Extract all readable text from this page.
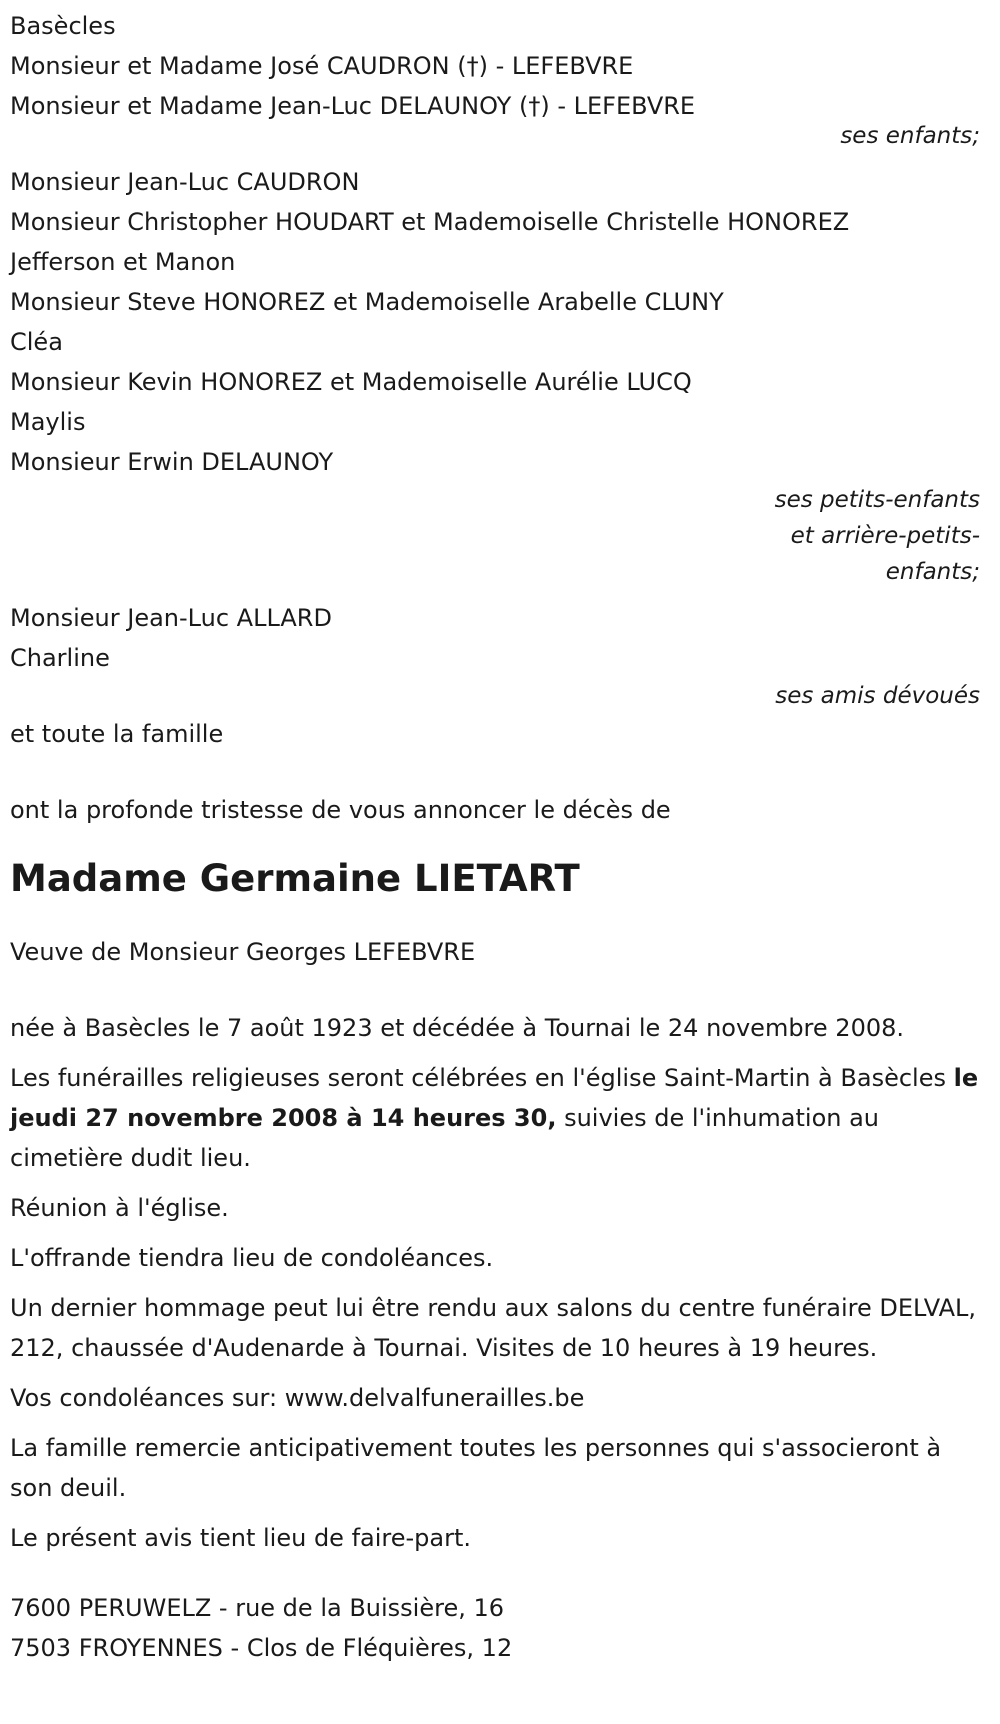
Basècles
Monsieur et Madame José CAUDRON (†) - LEFEBVRE
Monsieur et Madame Jean-Luc DELAUNOY (†) - LEFEBVRE
ses enfants;
Monsieur Jean-Luc CAUDRON
Monsieur Christopher HOUDART et Mademoiselle Christelle HONOREZ
Jefferson et Manon
Monsieur Steve HONOREZ et Mademoiselle Arabelle CLUNY
Cléa
Monsieur Kevin HONOREZ et Mademoiselle Aurélie LUCQ
Maylis
Monsieur Erwin DELAUNOY
ses petits-enfants
et arrière-petits-
enfants;
Monsieur Jean-Luc ALLARD
Charline
ses amis dévoués
et toute la famille
ont la profonde tristesse de vous annoncer le décès de
Madame Germaine LIETART
Veuve de Monsieur Georges LEFEBVRE

née à Basècles le 7 août 1923 et décédée à Tournai le 24 novembre 2008.

Les funérailles religieuses seront célébrées en l'église Saint-Martin à Basècles le jeudi 27 novembre 2008 à 14 heures 30, suivies de l'inhumation au cimetière dudit lieu.

Réunion à l'église.

L'offrande tiendra lieu de condoléances.

Un dernier hommage peut lui être rendu aux salons du centre funéraire DELVAL, 212, chaussée d'Audenarde à Tournai. Visites de 10 heures à 19 heures.

Vos condoléances sur: www.delvalfunerailles.be

La famille remercie anticipativement toutes les personnes qui s'associeront à son deuil.

Le présent avis tient lieu de faire-part.

7600 PERUWELZ - rue de la Buissière, 16
7503 FROYENNES - Clos de Fléquières, 12
